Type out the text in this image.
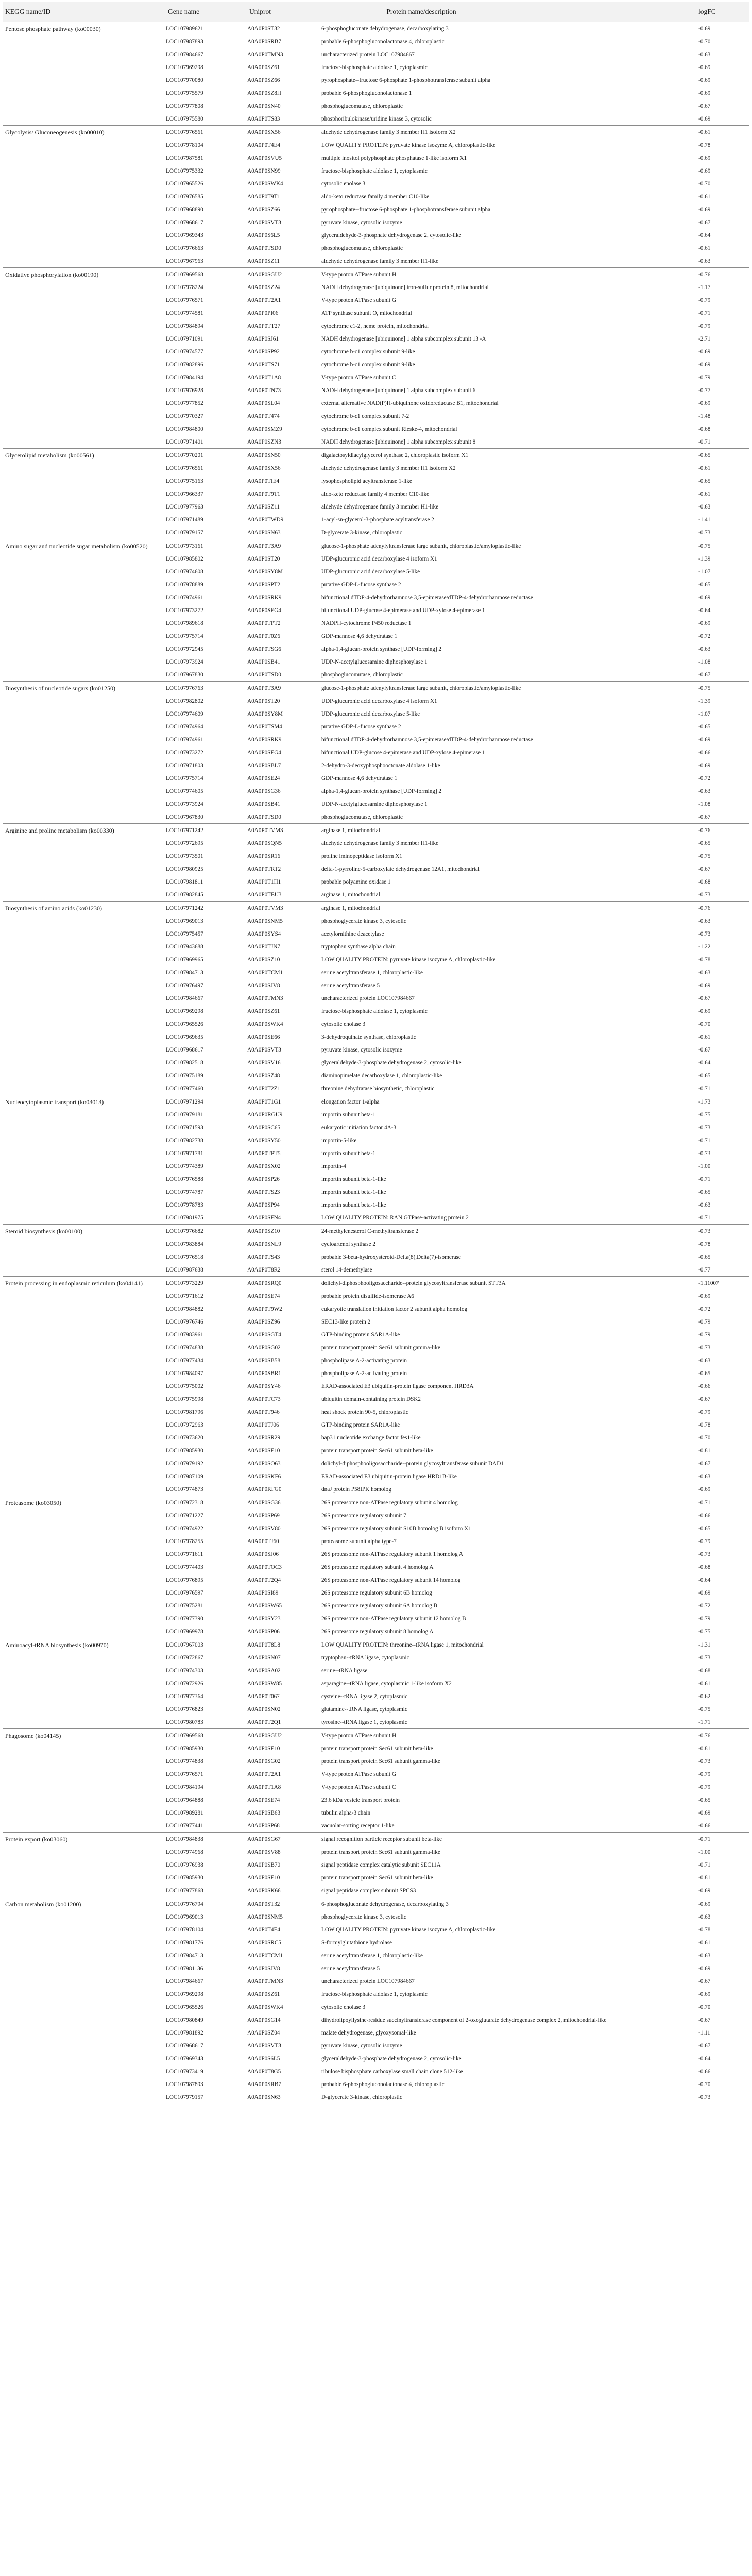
KEGG name/ID	Gene name	Uniprot	Protein name/description	logFC
Pentose phosphate pathway (ko00030)	LOC107989621	A0A0P0ST32	6-phosphogluconate dehydrogenase, decarboxylating 3	-0.69
LOC107987893	A0A0P0SRB7	probable 6-phosphogluconolactonase 4, chloroplastic	-0.70
LOC107984667	A0A0P0TMN3	uncharacterized protein LOC107984667	-0.63
LOC107969298	A0A0P0SZ61	fructose-bisphosphate aldolase 1, cytoplasmic	-0.69
LOC107970080	A0A0P0SZ66	pyrophosphate--fructose 6-phosphate 1-phosphotransferase subunit alpha	-0.69
LOC107975579	A0A0P0SZ8H	probable 6-phosphogluconolactonase 1	-0.69
LOC107977808	A0A0P0SN40	phosphoglucomutase, chloroplastic	-0.67
LOC107975580	A0A0P0TS83	phosphoribulokinase/uridine kinase 3, cytosolic	-0.69
Glycolysis/ Gluconeogenesis (ko00010)	LOC107976561	A0A0P0SX56	aldehyde dehydrogenase family 3 member H1 isoform X2	-0.61
LOC107978104	A0A0P0T4E4	LOW QUALITY PROTEIN: pyruvate kinase isozyme A, chloroplastic-like	-0.78
LOC107987581	A0A0P0SVU5	multiple inositol polyphosphate phosphatase 1-like isoform X1	-0.69
LOC107975332	A0A0P0SN99	fructose-bisphosphate aldolase 1, cytoplasmic	-0.69
LOC107965526	A0A0P0SWK4	cytosolic enolase 3	-0.70
LOC107976585	A0A0P0T9T1	aldo-keto reductase family 4 member C10-like	-0.61
LOC107968890	A0A0P0SZ66	pyrophosphate--fructose 6-phosphate 1-phosphotransferase subunit alpha	-0.69
LOC107968617	A0A0P0SVT3	pyruvate kinase, cytosolic isozyme	-0.67
LOC107969343	A0A0P0S6L5	glyceraldehyde-3-phosphate dehydrogenase 2, cytosolic-like	-0.64
LOC107976663	A0A0P0TSD0	phosphoglucomutase, chloroplastic	-0.61
LOC107967963	A0A0P0SZ11	aldehyde dehydrogenase family 3 member H1-like	-0.63
Oxidative phosphorylation (ko00190)	LOC107969568	A0A0P0SGU2	V-type proton ATPase subunit H	-0.76
LOC107978224	A0A0P0SZ24	NADH dehydrogenase [ubiquinone] iron-sulfur protein 8, mitochondrial	-1.17
LOC107976571	A0A0P0T2A1	V-type proton ATPase subunit G	-0.79
LOC107974581	A0A0P0PI06	ATP synthase subunit O, mitochondrial	-0.71
LOC107984894	A0A0P0TT27	cytochrome c1-2, heme protein, mitochondrial	-0.79
LOC107971091	A0A0P0SJ61	NADH dehydrogenase [ubiquinone] 1 alpha subcomplex subunit 13 -A	-2.71
LOC107974577	A0A0P0SP92	cytochrome b-c1 complex subunit 9-like	-0.69
LOC107982896	A0A0P0TS71	cytochrome b-c1 complex subunit 9-like	-0.69
LOC107984194	A0A0P0T1A8	V-type proton ATPase subunit C	-0.79
LOC107976928	A0A0P0TN73	NADH dehydrogenase [ubiquinone] 1 alpha subcomplex subunit 6	-0.77
LOC107977852	A0A0P0SL04	external alternative NAD(P)H-ubiquinone oxidoreductase B1, mitochondrial	-0.69
LOC107970327	A0A0P0T474	cytochrome b-c1 complex subunit 7-2	-1.48
LOC107984800	A0A0P0SMZ9	cytochrome b-c1 complex subunit Rieske-4, mitochondrial	-0.68
LOC107971401	A0A0P0SZN3	NADH dehydrogenase [ubiquinone] 1 alpha subcomplex subunit 8	-0.71
Glycerolipid metabolism (ko00561)	LOC107970201	A0A0P0SN50	digalactosyldiacylglycerol synthase 2, chloroplastic isoform X1	-0.65
LOC107976561	A0A0P0SX56	aldehyde dehydrogenase family 3 member H1 isoform X2	-0.61
LOC107975163	A0A0P0TIE4	lysophospholipid acyltransferase 1-like	-0.65
LOC107966337	A0A0P0T9T1	aldo-keto reductase family 4 member C10-like	-0.61
LOC107977963	A0A0P0SZ11	aldehyde dehydrogenase family 3 member H1-like	-0.63
LOC107971489	A0A0P0TWD9	1-acyl-sn-glycerol-3-phosphate acyltransferase 2	-1.41
LOC107979157	A0A0P0SN63	D-glycerate 3-kinase, chloroplastic	-0.73
Amino sugar and nucleotide sugar metabolism (ko00520)	LOC107973161	A0A0P0T3A9	glucose-1-phosphate adenylyltransferase large subunit, chloroplastic/amyloplastic-like	-0.75
LOC107985802	A0A0P0ST20	UDP-glucuronic acid decarboxylase 4 isoform X1	-1.39
LOC107974608	A0A0P0SY8M	UDP-glucuronic acid decarboxylase 5-like	-1.07
LOC107978889	A0A0P0SPT2	putative GDP-L-fucose synthase 2	-0.65
LOC107974961	A0A0P0SRK9	bifunctional dTDP-4-dehydrorhamnose 3,5-epimerase/dTDP-4-dehydrorhamnose reductase	-0.69
LOC107973272	A0A0P0SEG4	bifunctional UDP-glucose 4-epimerase and UDP-xylose 4-epimerase 1	-0.64
LOC107989618	A0A0P0TPT2	NADPH-cytochrome P450 reductase 1	-0.69
LOC107975714	A0A0P0T0Z6	GDP-mannose 4,6 dehydratase 1	-0.72
LOC107972945	A0A0P0TSG6	alpha-1,4-glucan-protein synthase [UDP-forming] 2	-0.63
LOC107973924	A0A0P0SB41	UDP-N-acetylglucosamine diphosphorylase 1	-1.08
LOC107967830	A0A0P0TSD0	phosphoglucomutase, chloroplastic	-0.67
Biosynthesis of nucleotide sugars (ko01250)	LOC107976763	A0A0P0T3A9	glucose-1-phosphate adenylyltransferase large subunit, chloroplastic/amyloplastic-like	-0.75
LOC107982802	A0A0P0ST20	UDP-glucuronic acid decarboxylase 4 isoform X1	-1.39
LOC107974609	A0A0P0SY8M	UDP-glucuronic acid decarboxylase 5-like	-1.07
LOC107974964	A0A0P0TSM4	putative GDP-L-fucose synthase 2	-0.65
LOC107974961	A0A0P0SRK9	bifunctional dTDP-4-dehydrorhamnose 3,5-epimerase/dTDP-4-dehydrorhamnose reductase	-0.69
LOC107973272	A0A0P0SEG4	bifunctional UDP-glucose 4-epimerase and UDP-xylose 4-epimerase 1	-0.66
LOC107971803	A0A0P0SBL7	2-dehydro-3-deoxyphosphooctonate aldolase 1-like	-0.69
LOC107975714	A0A0P0SE24	GDP-mannose 4,6 dehydratase 1	-0.72
LOC107974605	A0A0P0SG36	alpha-1,4-glucan-protein synthase [UDP-forming] 2	-0.63
LOC107973924	A0A0P0SB41	UDP-N-acetylglucosamine diphosphorylase 1	-1.08
LOC107967830	A0A0P0TSD0	phosphoglucomutase, chloroplastic	-0.67
Arginine and proline metabolism (ko00330)	LOC107971242	A0A0P0TVM3	arginase 1, mitochondrial	-0.76
LOC107972695	A0A0P0SQN5	aldehyde dehydrogenase family 3 member H1-like	-0.65
LOC107973501	A0A0P0SR16	proline iminopeptidase isoform X1	-0.75
LOC107980925	A0A0P0TRT2	delta-1-pyrroline-5-carboxylate dehydrogenase 12A1, mitochondrial	-0.67
LOC107981811	A0A0P0T1H1	probable polyamine oxidase 1	-0.68
LOC107982845	A0A0P0TEU3	arginase 1, mitochondrial	-0.73
Biosynthesis of amino acids (ko01230)	LOC107971242	A0A0P0TVM3	arginase 1, mitochondrial	-0.76
LOC107969013	A0A0P0SNM5	phosphoglycerate kinase 3, cytosolic	-0.63
LOC107975457	A0A0P0SYS4	acetylornithine deacetylase	-0.73
LOC107943688	A0A0P0TJN7	tryptophan synthase alpha chain	-1.22
LOC107969965	A0A0P0SZ10	LOW QUALITY PROTEIN: pyruvate kinase isozyme A, chloroplastic-like	-0.78
LOC107984713	A0A0P0TCM1	serine acetyltransferase 1, chloroplastic-like	-0.63
LOC107976497	A0A0P0SJV8	serine acetyltransferase 5	-0.69
LOC107984667	A0A0P0TMN3	uncharacterized protein LOC107984667	-0.67
LOC107969298	A0A0P0SZ61	fructose-bisphosphate aldolase 1, cytoplasmic	-0.69
LOC107965526	A0A0P0SWK4	cytosolic enolase 3	-0.70
LOC107969635	A0A0P0SE66	3-dehydroquinate synthase, chloroplastic	-0.61
LOC107968617	A0A0P0SVT3	pyruvate kinase, cytosolic isozyme	-0.67
LOC107982518	A0A0P0SV16	glyceraldehyde-3-phosphate dehydrogenase 2, cytosolic-like	-0.64
LOC107975189	A0A0P0SZ48	diaminopimelate decarboxylase 1, chloroplastic-like	-0.65
LOC107977460	A0A0P0T2Z1	threonine dehydratase biosynthetic, chloroplastic	-0.71
Nucleocytoplasmic transport (ko03013)	LOC107971294	A0A0P0T1G1	elongation factor 1-alpha	-1.73
LOC107979181	A0A0P0RGU9	importin subunit beta-1	-0.75
LOC107971593	A0A0P0SC65	eukaryotic initiation factor 4A-3	-0.73
LOC107982738	A0A0P0SY50	importin-5-like	-0.71
LOC107971781	A0A0P0TPT5	importin subunit beta-1	-0.73
LOC107974389	A0A0P0SX02	importin-4	-1.00
LOC107976588	A0A0P0SP26	importin subunit beta-1-like	-0.71
LOC107974787	A0A0P0TS23	importin subunit beta-1-like	-0.65
LOC107978783	A0A0P0SP94	importin subunit beta-1-like	-0.63
LOC107981975	A0A0P0SFN4	LOW QUALITY PROTEIN: RAN GTPase-activating protein 2	-0.71
Steroid biosynthesis (ko00100)	LOC107976682	A0A0P0SZ10	24-methylenesterol C-methyltransferase 2	-0.73
LOC107983884	A0A0P0SNL9	cycloartenol synthase 2	-0.78
LOC107976518	A0A0P0TS43	probable 3-beta-hydroxysteroid-Delta(8),Delta(7)-isomerase	-0.65
LOC107987638	A0A0P0T8R2	sterol 14-demethylase	-0.77
Protein processing in endoplasmic reticulum (ko04141)	LOC107973229	A0A0P0SRQ0	dolichyl-diphosphooligosaccharide--protein glycosyltransferase subunit STT3A	-1.11007
LOC107971612	A0A0P0SE74	probable protein disulfide-isomerase A6	-0.69
LOC107984882	A0A0P0T9W2	eukaryotic translation initiation factor 2 subunit alpha homolog	-0.72
LOC107976746	A0A0P0SZ96	SEC13-like protein 2	-0.79
LOC107983961	A0A0P0SGT4	GTP-binding protein SAR1A-like	-0.79
LOC107974838	A0A0P0SG02	protein transport protein Sec61 subunit gamma-like	-0.73
LOC107977434	A0A0P0SB58	phospholipase A-2-activating protein	-0.63
LOC107984097	A0A0P0SBR1	phospholipase A-2-activating protein	-0.65
LOC107975002	A0A0P0SY46	ERAD-associated E3 ubiquitin-protein ligase component HRD3A	-0.66
LOC107975998	A0A0P0TC73	ubiquitin domain-containing protein DSK2	-0.67
LOC107981796	A0A0P0T946	heat shock protein 90-5, chloroplastic	-0.79
LOC107972963	A0A0P0TJ06	GTP-binding protein SAR1A-like	-0.78
LOC107973620	A0A0P0SR29	bap31 nucleotide exchange factor fes1-like	-0.70
LOC107985930	A0A0P0SE10	protein transport protein Sec61 subunit beta-like	-0.81
LOC107979192	A0A0P0SO63	dolichyl-diphosphooligosaccharide--protein glycosyltransferase subunit DAD1	-0.67
LOC107987109	A0A0P0SKF6	ERAD-associated E3 ubiquitin-protein ligase HRD1B-like	-0.63
LOC107974873	A0A0P0RFG0	dnaJ protein P58IPK homolog	-0.69
Proteasome (ko03050)	LOC107972318	A0A0P0SG36	26S proteasome non-ATPase regulatory subunit 4 homolog	-0.71
LOC107971227	A0A0P0SP69	26S proteasome regulatory subunit 7	-0.66
LOC107974922	A0A0P0SV80	26S proteasome regulatory subunit S10B homolog B isoform X1	-0.65
LOC107978255	A0A0P0TJ60	proteasome subunit alpha type-7	-0.79
LOC107971611	A0A0P0SJ06	26S proteasome non-ATPase regulatory subunit 1 homolog A	-0.73
LOC107974403	A0A0P0TOC3	26S proteasome regulatory subunit 4 homolog A	-0.68
LOC107976895	A0A0P0T2Q4	26S proteasome non-ATPase regulatory subunit 14 homolog	-0.64
LOC107976597	A0A0P0SI89	26S proteasome regulatory subunit 6B homolog	-0.69
LOC107975281	A0A0P0SW65	26S proteasome regulatory subunit 6A homolog B	-0.72
LOC107977390	A0A0P0SY23	26S proteasome non-ATPase regulatory subunit 12 homolog B	-0.79
LOC107969978	A0A0P0SP06	26S proteasome regulatory subunit 8 homolog A	-0.75
Aminoacyl-tRNA biosynthesis (ko00970)	LOC107967003	A0A0P0T8L8	LOW QUALITY PROTEIN: threonine--tRNA ligase 1, mitochondrial	-1.31
LOC107972867	A0A0P0SN07	tryptophan--tRNA ligase, cytoplasmic	-0.73
LOC107974303	A0A0P0SA02	serine--tRNA ligase	-0.68
LOC107972926	A0A0P0SW85	asparagine--tRNA ligase, cytoplasmic 1-like isoform X2	-0.61
LOC107977364	A0A0P0T067	cysteine--tRNA ligase 2, cytoplasmic	-0.62
LOC107976823	A0A0P0SN02	glutamine--tRNA ligase, cytoplasmic	-0.75
LOC107980783	A0A0P0T2Q1	tyrosine--tRNA ligase 1, cytoplasmic	-1.71
Phagosome (ko04145)	LOC107969568	A0A0P0SGU2	V-type proton ATPase subunit H	-0.76
LOC107985930	A0A0P0SE10	protein transport protein Sec61 subunit beta-like	-0.81
LOC107974838	A0A0P0SG02	protein transport protein Sec61 subunit gamma-like	-0.73
LOC107976571	A0A0P0T2A1	V-type proton ATPase subunit G	-0.79
LOC107984194	A0A0P0T1A8	V-type proton ATPase subunit C	-0.79
LOC107964888	A0A0P0SE74	23.6 kDa vesicle transport protein	-0.65
LOC107989281	A0A0P0SB63	tubulin alpha-3 chain	-0.69
LOC107977441	A0A0P0SP68	vacuolar-sorting receptor 1-like	-0.66
Protein export (ko03060)	LOC107984838	A0A0P0SG67	signal recognition particle receptor subunit beta-like	-0.71
LOC107974968	A0A0P0SV88	protein transport protein Sec61 subunit gamma-like	-1.00
LOC107976938	A0A0P0SB70	signal peptidase complex catalytic subunit SEC11A	-0.71
LOC107985930	A0A0P0SE10	protein transport protein Sec61 subunit beta-like	-0.81
LOC107977868	A0A0P0SK66	signal peptidase complex subunit SPCS3	-0.69
Carbon metabolism (ko01200)	LOC107976794	A0A0P0ST32	6-phosphogluconate dehydrogenase, decarboxylating 3	-0.69
LOC107969013	A0A0P0SNM5	phosphoglycerate kinase 3, cytosolic	-0.63
LOC107978104	A0A0P0T4E4	LOW QUALITY PROTEIN: pyruvate kinase isozyme A, chloroplastic-like	-0.78
LOC107981776	A0A0P0SRC5	S-formylglutathione hydrolase	-0.61
LOC107984713	A0A0P0TCM1	serine acetyltransferase 1, chloroplastic-like	-0.63
LOC107981136	A0A0P0SJV8	serine acetyltransferase 5	-0.69
LOC107984667	A0A0P0TMN3	uncharacterized protein LOC107984667	-0.67
LOC107969298	A0A0P0SZ61	fructose-bisphosphate aldolase 1, cytoplasmic	-0.69
LOC107965526	A0A0P0SWK4	cytosolic enolase 3	-0.70
LOC107980849	A0A0P0SG14	dihydrolipoyllysine-residue succinyltransferase component of 2-oxoglutarate dehydrogenase complex 2, mitochondrial-like	-0.67
LOC107981892	A0A0P0SZ04	malate dehydrogenase, glyoxysomal-like	-1.11
LOC107968617	A0A0P0SVT3	pyruvate kinase, cytosolic isozyme	-0.67
LOC107969343	A0A0P0S6L5	glyceraldehyde-3-phosphate dehydrogenase 2, cytosolic-like	-0.64
LOC107973419	A0A0P0T8G5	ribulose bisphosphate carboxylase small chain clone 512-like	-0.66
LOC107987893	A0A0P0SRB7	probable 6-phosphogluconolactonase 4, chloroplastic	-0.70
LOC107979157	A0A0P0SN63	D-glycerate 3-kinase, chloroplastic	-0.73
